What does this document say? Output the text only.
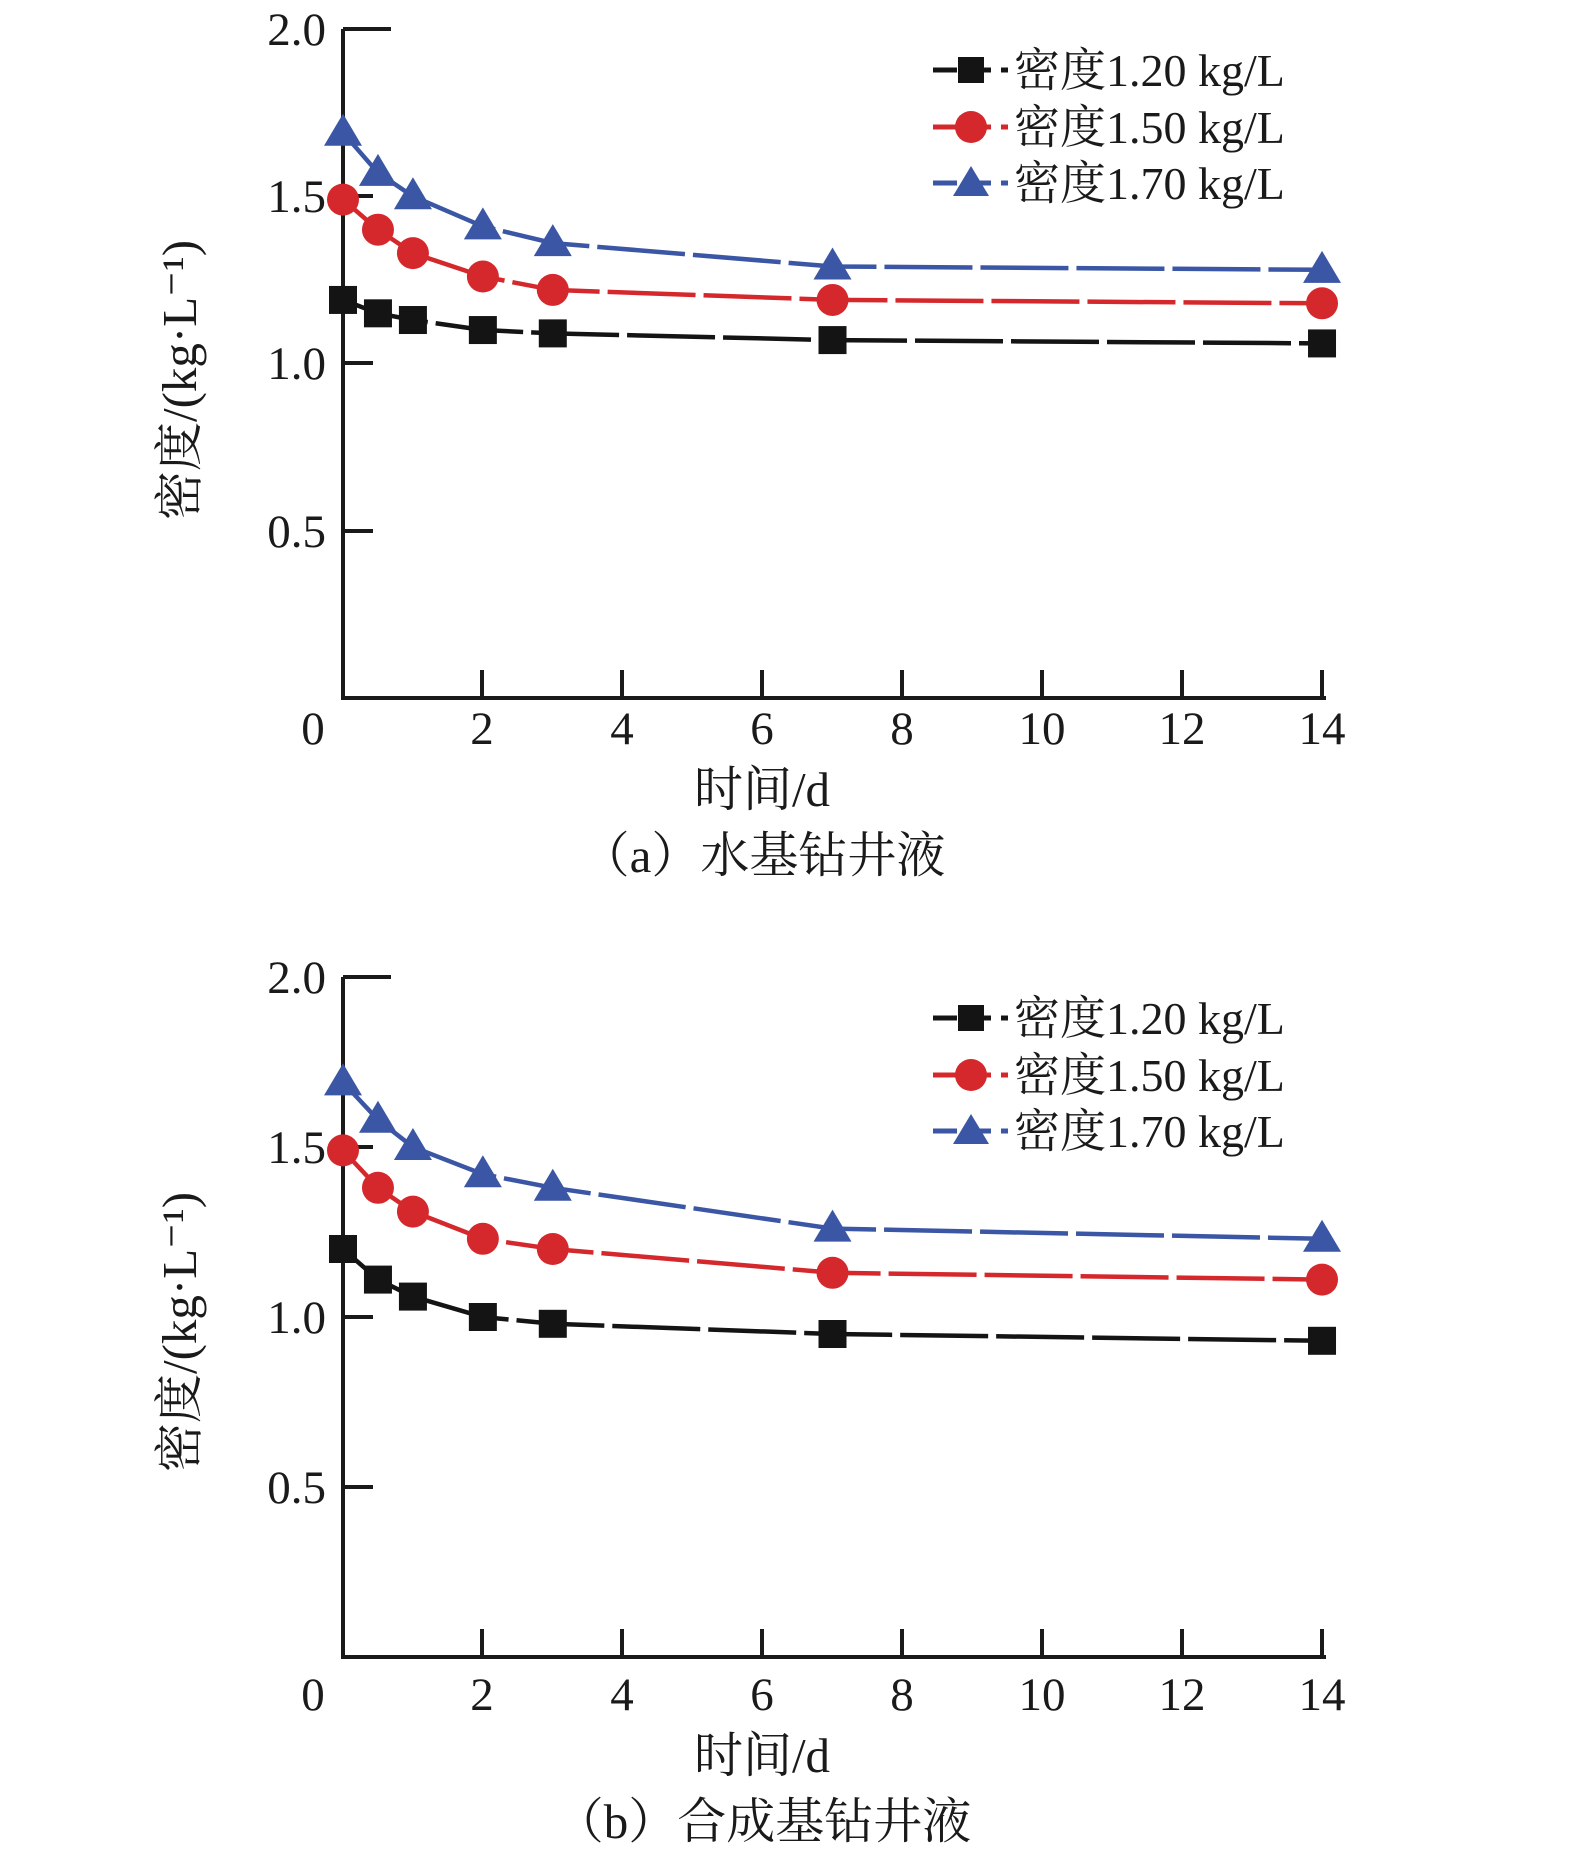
2.0
1.5
1.0
0.5
0	2 4 6 8 10 12 14
时间/d
密度/(kg·L⁻¹)
（a）水基钻井液
密度1.20 kg/L
密度1.50 kg/L
密度1.70 kg/L
2.0
1.5
1.0
0.5
0	2 4 6 8 10 12 14
时间/d
密度/(kg·L⁻¹)
（b）合成基钻井液
密度1.20 kg/L
密度1.50 kg/L
密度1.70 kg/L
